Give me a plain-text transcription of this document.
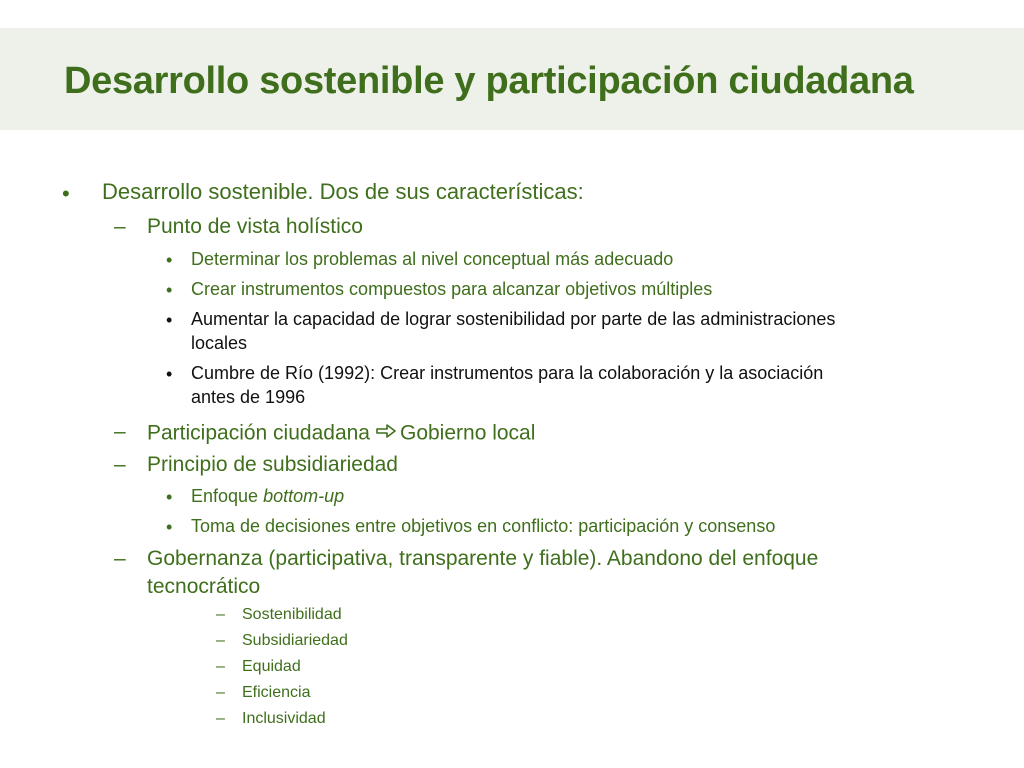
Desarrollo sostenible y participación ciudadana
• Desarrollo sostenible. Dos de sus características:
– Punto de vista holístico
• Determinar los problemas al nivel conceptual más adecuado
• Crear instrumentos compuestos para alcanzar objetivos múltiples
• Aumentar la capacidad de lograr sostenibilidad por parte de las administraciones
locales
• Cumbre de Río (1992): Crear instrumentos para la colaboración y la asociación
antes de 1996
– Participación ciudadana Gobierno local
– Principio de subsidiariedad
• Enfoque bottom-up
• Toma de decisiones entre objetivos en conflicto: participación y consenso
– Gobernanza (participativa, transparente y fiable). Abandono del enfoque
tecnocrático
– Sostenibilidad
– Subsidiariedad
– Equidad
– Eficiencia
– Inclusividad
